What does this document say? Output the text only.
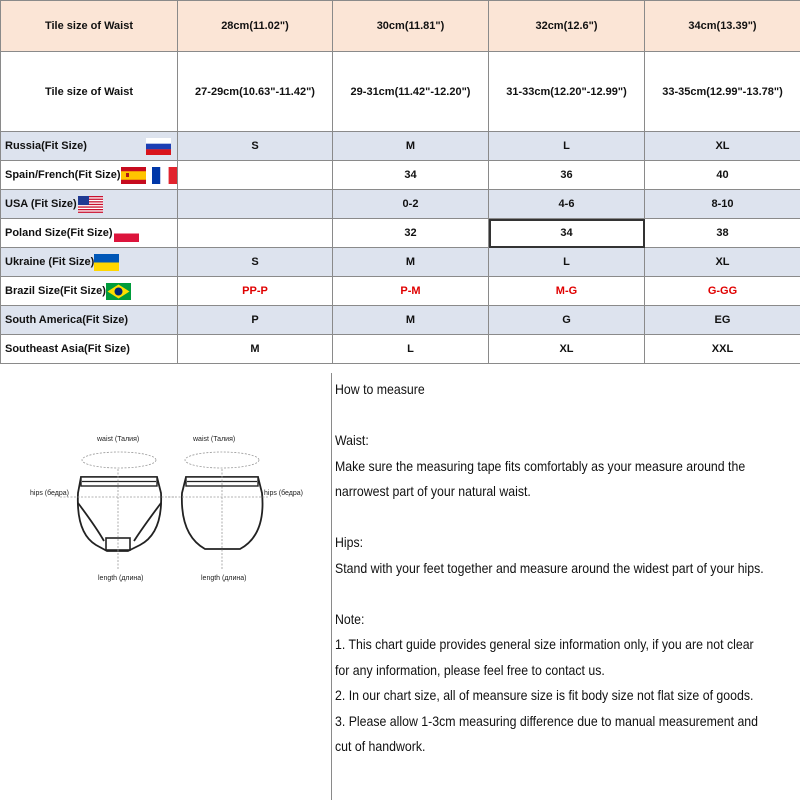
Tile size of Waist	28cm(11.02")	30cm(11.81")	32cm(12.6")	34cm(13.39")
Tile size of Waist	27-29cm(10.63"-11.42")	29-31cm(11.42"-12.20")	31-33cm(12.20"-12.99")	33-35cm(12.99"-13.78")

Russia(Fit Size)	S	M	L	XL

Spain/French(Fit Size)		34	36	40

USA (Fit Size)		0-2	4-6	8-10

Poland Size(Fit Size)		32	34	38

Ukraine (Fit Size)	S	M	L	XL

Brazil Size(Fit Size)	PP-P	P-M	M-G	G-GG
South America(Fit Size)	P	M	G	EG
Southeast Asia(Fit Size)	M	L	XL	XXL
waist (Талия)	waist (Талия)
hips (бедра)	hips (бедра)
length (длина)	length (длина)

How to measure

Waist:

Make sure the measuring tape fits comfortably as your measure around the

narrowest part of your natural waist.

Hips:

Stand with your feet together and measure around the widest part of your hips.

Note:

1. This chart guide provides general size information only, if you are not clear

for any information, please feel free to contact us.

2. In our chart size, all of meansure size is fit body size not flat size of goods.

3. Please allow 1-3cm measuring difference due to manual measurement and

cut of handwork.
